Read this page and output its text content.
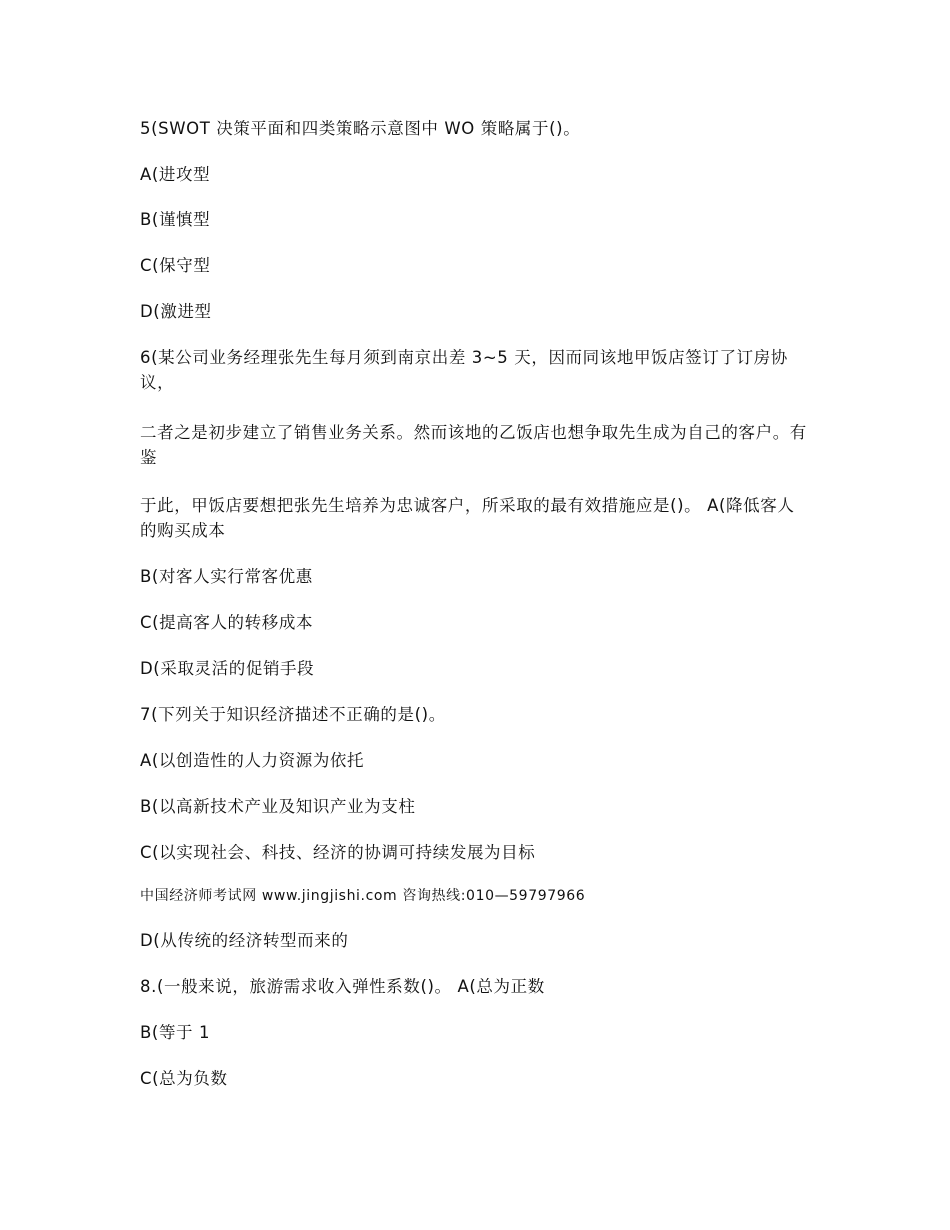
5(SWOT 决策平面和四类策略示意图中 WO 策略属于()。
A(进攻型
B(谨慎型
C(保守型
D(激进型
6(某公司业务经理张先生每月须到南京出差 3~5 天，因而同该地甲饭店签订了订房协议，
二者之是初步建立了销售业务关系。然而该地的乙饭店也想争取先生成为自己的客户。有鉴
于此，甲饭店要想把张先生培养为忠诚客户，所采取的最有效措施应是()。 A(降低客人的购买成本
B(对客人实行常客优惠
C(提高客人的转移成本
D(采取灵活的促销手段
7(下列关于知识经济描述不正确的是()。
A(以创造性的人力资源为依托
B(以高新技术产业及知识产业为支柱
C(以实现社会、科技、经济的协调可持续发展为目标
中国经济师考试网 www.jingjishi.com 咨询热线:010—59797966
D(从传统的经济转型而来的
8.(一般来说，旅游需求收入弹性系数()。 A(总为正数
B(等于 1
C(总为负数
